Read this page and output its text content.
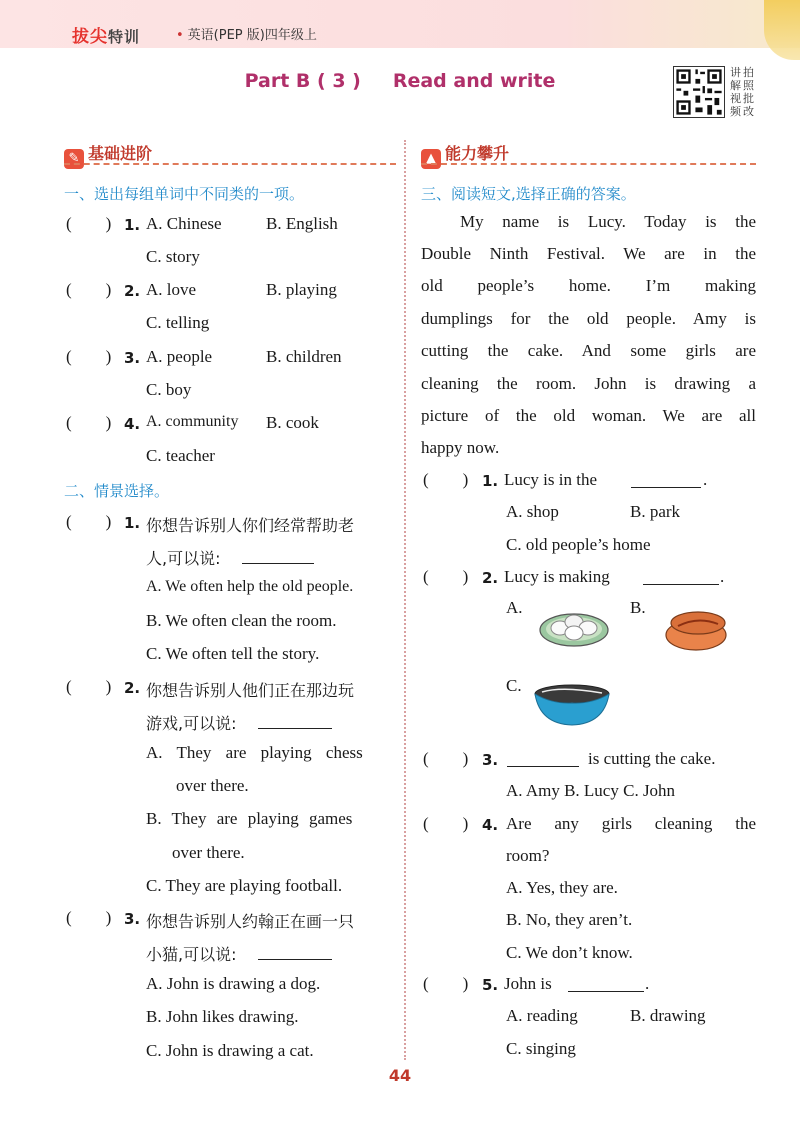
拔尖特训	• 英语(PEP 版)四年级上
Part B ( 3 ) Read and write	讲
解
视
频
拍
照
批
改
✎ 基础进阶	▲ 能力攀升
一、选出每组单词中不同类的一项。
(        ) 1. A. Chinese	B. English
C. story
(        ) 2. A. love	B. playing
C. telling
(        ) 3. A. people	B. children
C. boy
(        ) 4. A. community B. cook
C. teacher
二、情景选择。
(        ) 1. 你想告诉别人你们经常帮助老
人,可以说:
A. We often help the old people.
B. We often clean the room.
C. We often tell the story.
(        ) 2. 你想告诉别人他们正在那边玩
游戏,可以说:
A. They are playing chess
over there.
B. They are playing games
over there.
C. They are playing football.
(        ) 3. 你想告诉别人约翰正在画一只
小猫,可以说:
A. John is drawing a dog.
B. John likes drawing.
C. John is drawing a cat.
三、阅读短文,选择正确的答案。
My name is Lucy. Today is the
Double Ninth Festival. We are in the
old people’s home. I’m making
dumplings for the old people. Amy is
cutting the cake. And some girls are
cleaning the room. John is drawing a
picture of the old woman. We are all
happy now.
(        ) 1. Lucy is in the	.
A. shop	B. park
C. old people’s home
(        ) 2. Lucy is making	.
A.	B.
C.
(        ) 3.	is cutting the cake.
A. Amy B. Lucy C. John
(        ) 4. Are any girls cleaning the
room?
A. Yes, they are.
B. No, they aren’t.
C. We don’t know.
(        ) 5. John is	.
A. reading	B. drawing
C. singing
44
